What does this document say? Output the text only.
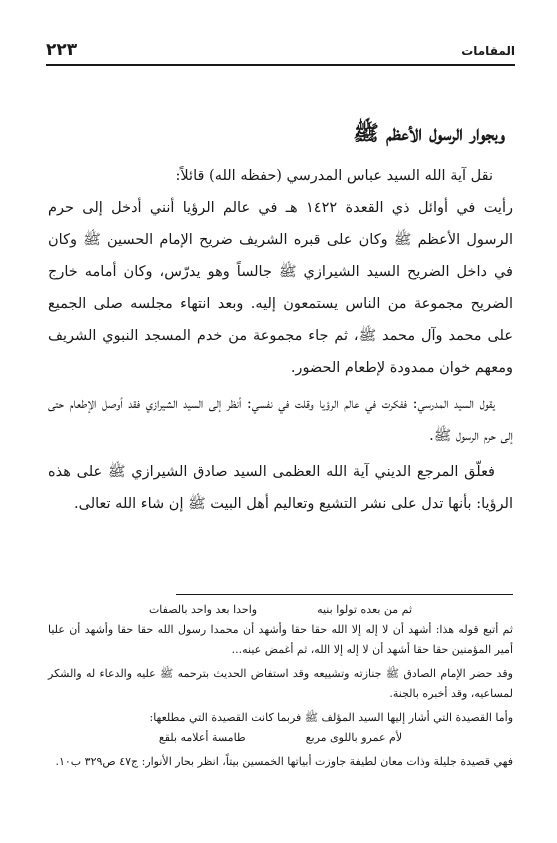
المقامات
٢٢٣
وبجوار الرسول الأعظم ﷺ

نقل آية الله السيد عباس المدرسي (حفظه الله) قائلاً:

رأيت في أوائل ذي القعدة ١٤٢٢ هـ في عالم الرؤيا أنني أدخل إلى حرم الرسول الأعظم ﷺ وكان على قبره الشريف ضريح الإمام الحسين ﷺ وكان في داخل الضريح السيد الشيرازي ﷺ جالساً وهو يدرّس، وكان أمامه خارج الضريح مجموعة من الناس يستمعون إليه. وبعد انتهاء مجلسه صلى الجميع على محمد وآل محمد ﷺ، ثم جاء مجموعة من خدم المسجد النبوي الشريف ومعهم خوان ممدودة لإطعام الحضور.

يقول السيد المدرسي: ففكرت في عالم الرؤيا وقلت في نفسي: أنظر إلى السيد الشيرازي فقد أوصل الإطعام حتى إلى حرم الرسول ﷺ.

فعلّق المرجع الديني آية الله العظمى السيد صادق الشيرازي ﷺ على هذه الرؤيا: بأنها تدل على نشر التشيع وتعاليم أهل البيت ﷺ إن شاء الله تعالى.

ثم من بعده تولوا بنيه
واحدا بعد واحد بالصفات

ثم أتبع قوله هذا: أشهد أن لا إله إلا الله حقا حقا وأشهد أن محمدا رسول الله حقا حقا وأشهد أن عليا أمير المؤمنين حقا حقا أشهد أن لا إله إلا الله، ثم أغمض عينه...

وقد حضر الإمام الصادق ﷺ جنازته وتشييعه وقد استفاض الحديث بترحمه ﷺ عليه والدعاء له والشكر لمساعيه، وقد أخبره بالجنة.

وأما القصيدة التي أشار إليها السيد المؤلف ﷺ فربما كانت القصيدة التي مطلعها:

لأم عمرو باللوى مربع
طامسة أعلامه بلقع

فهي قصيدة جليلة وذات معان لطيفة جاوزت أبياتها الخمسين بيتاً، انظر بحار الأنوار: ج٤٧ ص٣٢٩ ب١٠.
